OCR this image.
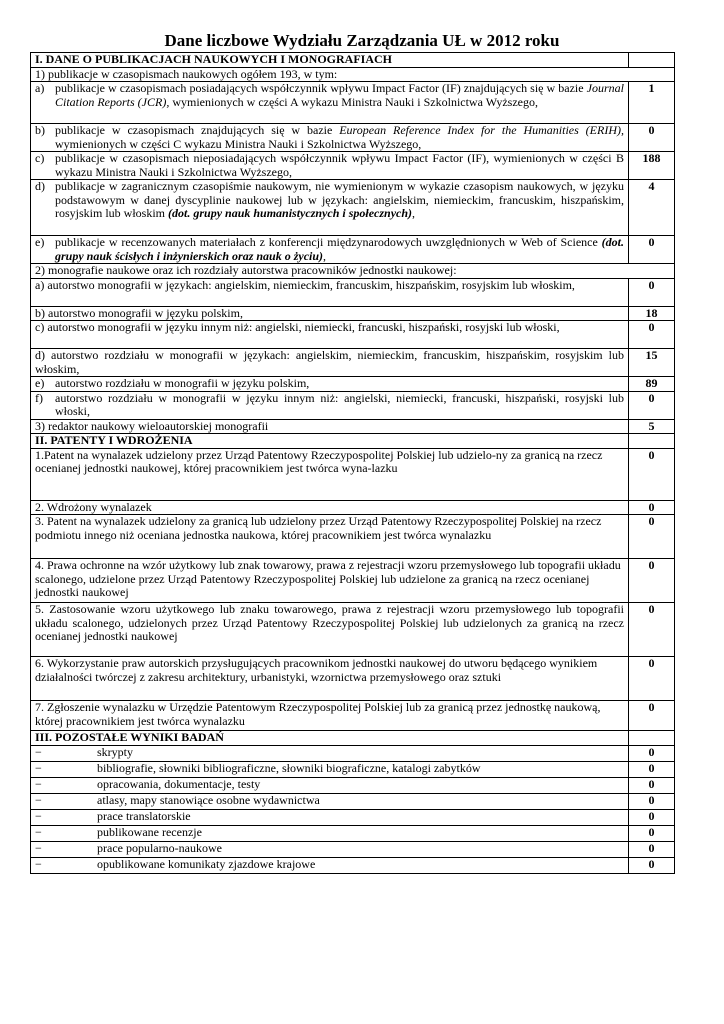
Dane liczbowe Wydziału Zarządzania UŁ w 2012 roku
I. DANE O PUBLIKACJACH NAUKOWYCH I MONOGRAFIACH	
1) publikacje w czasopismach naukowych ogółem 193, w tym:	

a) publikacje w czasopismach posiadających współczynnik wpływu Impact Factor (IF) znajdujących się w bazie Journal Citation Reports (JCR), wymienionych w części A wykazu Ministra Nauki i Szkolnictwa Wyższego,	1

b) publikacje w czasopismach znajdujących się w bazie European Reference Index for the Humanities (ERIH), wymienionych w części C wykazu Ministra Nauki i Szkolnictwa Wyższego,	0

c) publikacje w czasopismach nieposiadających współczynnik wpływu Impact Factor (IF), wymienionych w części B wykazu Ministra Nauki i Szkolnictwa Wyższego,	188

d) publikacje w zagranicznym czasopiśmie naukowym, nie wymienionym w wykazie czasopism naukowych, w języku podstawowym w danej dyscyplinie naukowej lub w językach: angielskim, niemieckim, francuskim, hiszpańskim, rosyjskim lub włoskim (dot. grupy nauk humanistycznych i społecznych),	4

e) publikacje w recenzowanych materiałach z konferencji międzynarodowych uwzględnionych w Web of Science (dot. grupy nauk ścisłych i inżynierskich oraz nauk o życiu),	0
2) monografie naukowe oraz ich rozdziały autorstwa pracowników jednostki naukowej:	
a) autorstwo monografii w językach: angielskim, niemieckim, francuskim, hiszpańskim, rosyjskim lub włoskim,	0
b) autorstwo monografii w języku polskim,	18
c) autorstwo monografii w języku innym niż: angielski, niemiecki, francuski, hiszpański, rosyjski lub włoski,	0
d) autorstwo rozdziału w monografii w językach: angielskim, niemieckim, francuskim, hiszpańskim, rosyjskim lub włoskim,	15
e) autorstwo rozdziału w monografii w języku polskim,	89

f) autorstwo rozdziału w monografii w języku innym niż: angielski, niemiecki, francuski, hiszpański, rosyjski lub włoski,	0
3) redaktor naukowy wieloautorskiej monografii	5
II. PATENTY I WDROŻENIA	
1.Patent na wynalazek udzielony przez Urząd Patentowy Rzeczypospolitej Polskiej lub udzielo-ny za granicą na rzecz ocenianej jednostki naukowej, której pracownikiem jest twórca wyna-lazku	0
2. Wdrożony wynalazek	0
3. Patent na wynalazek udzielony za granicą lub udzielony przez Urząd Patentowy Rzeczypospolitej Polskiej na rzecz podmiotu innego niż oceniana jednostka naukowa, której pracownikiem jest twórca wynalazku	0
4. Prawa ochronne na wzór użytkowy lub znak towarowy, prawa z rejestracji wzoru przemysłowego lub topografii układu scalonego, udzielone przez Urząd Patentowy Rzeczypospolitej Polskiej lub udzielone za granicą na rzecz ocenianej jednostki naukowej	0
5. Zastosowanie wzoru użytkowego lub znaku towarowego, prawa z rejestracji wzoru przemysłowego lub topografii układu scalonego, udzielonych przez Urząd Patentowy Rzeczypospolitej Polskiej lub udzielonych za granicą na rzecz ocenianej jednostki naukowej	0
6. Wykorzystanie praw autorskich przysługujących pracownikom jednostki naukowej do utworu będącego wynikiem działalności twórczej z zakresu architektury, urbanistyki, wzornictwa przemysłowego oraz sztuki	0
7. Zgłoszenie wynalazku w Urzędzie Patentowym Rzeczypospolitej Polskiej lub za granicą przez jednostkę naukową, której pracownikiem jest twórca wynalazku	0
III. POZOSTAŁE WYNIKI BADAŃ	
− skrypty	0
− bibliografie, słowniki bibliograficzne, słowniki biograficzne, katalogi zabytków	0
− opracowania, dokumentacje, testy	0
− atlasy, mapy stanowiące osobne wydawnictwa	0
− prace translatorskie	0
− publikowane recenzje	0
− prace popularno-naukowe	0
− opublikowane komunikaty zjazdowe krajowe	0
